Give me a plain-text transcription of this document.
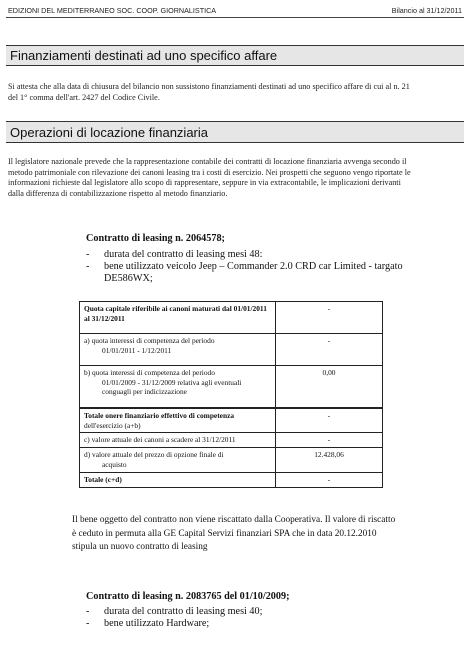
EDIZIONI DEL MEDITERRANEO SOC. COOP. GIORNALISTICA	Bilancio al 31/12/2011
Finanziamenti destinati ad uno specifico affare
Si attesta che alla data di chiusura del bilancio non sussistono finanziamenti destinati ad uno specifico affare di cui al n. 21
del 1° comma dell'art. 2427 del Codice Civile.
Operazioni di locazione finanziaria
Il legislatore nazionale prevede che la rappresentazione contabile dei contratti di locazione finanziaria avvenga secondo il
metodo patrimoniale con rilevazione dei canoni leasing tra i costi di esercizio. Nei prospetti che seguono vengo riportate le
informazioni richieste dal legislatore allo scopo di rappresentare, seppure in via extracontabile, le implicazioni derivanti
dalla differenza di contabilizzazione rispetto al metodo finanziario.
Contratto di leasing n. 2064578;
- durata del contratto di leasing mesi 48:
- bene utilizzato veicolo Jeep – Commander 2.0 CRD car Limited - targato
DE586WX;
Quota capitale riferibile ai canoni maturati dal 01/01/2011 al 31/12/2011	-
a) quota interessi di competenza del periodo
01/01/2011 - 1/12/2011	-
b) quota interessi di competenza del periodo
01/01/2009 - 31/12/2009 relativa agli eventuali conguagli per indicizzazione	0,00
Totale onere finanziario effettivo di competenza
dell'esercizio (a+b)	-
c) valore attuale dei canoni a scadere al 31/12/2011	-
d) valore attuale del prezzo di opzione finale di
acquisto	12.428,06
Totale (c+d)	-
Il bene oggetto del contratto non viene riscattato dalla Cooperativa. Il valore di riscatto
è ceduto in permuta alla GE Capital Servizi finanziari SPA che in data 20.12.2010
stipula un nuovo contratto di leasing
Contratto di leasing n. 2083765 del 01/10/2009;
- durata del contratto di leasing mesi 40;
- bene utilizzato Hardware;
